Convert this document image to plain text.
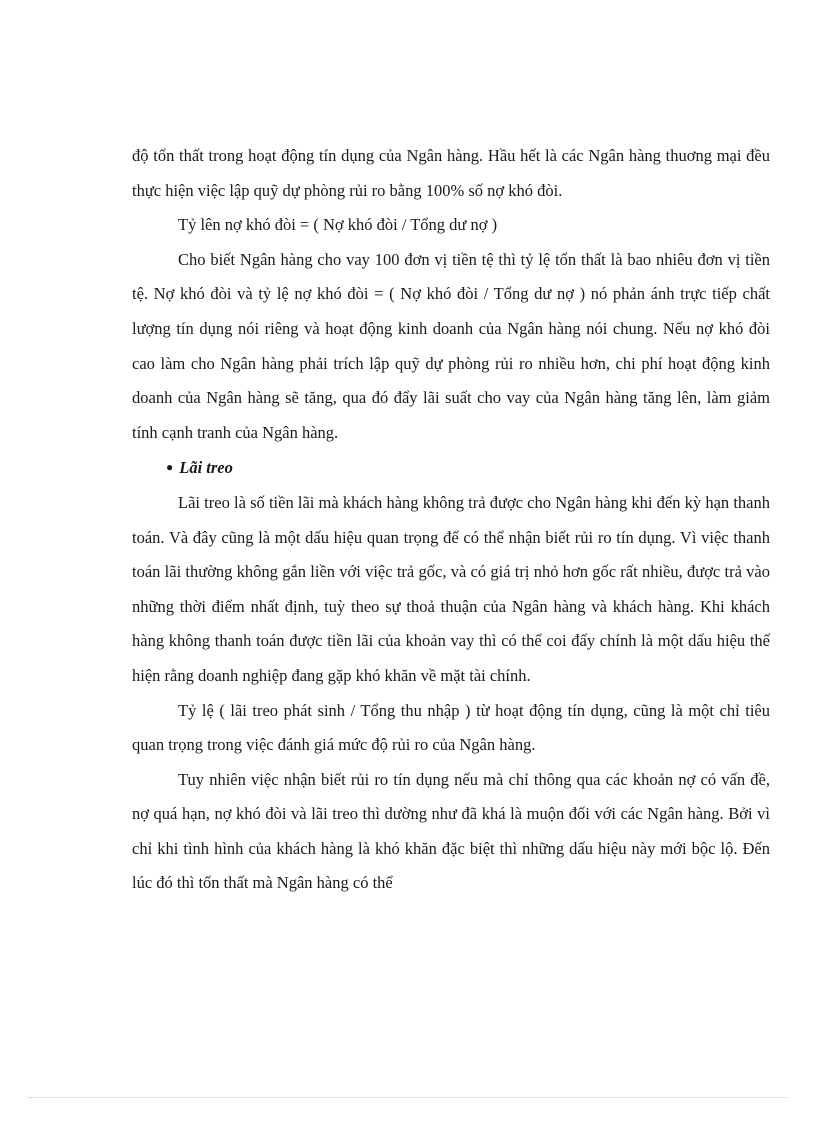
độ tổn thất trong hoạt động tín dụng của Ngân hàng. Hầu hết là các Ngân hàng thuơng mại đều thực hiện việc lập quỹ dự phòng rủi ro bằng 100% số nợ khó đòi.

Tỷ lên nợ khó đòi = ( Nợ khó đòi / Tổng dư nợ )

Cho biết Ngân hàng cho vay 100 đơn vị tiền tệ thì tỷ lệ tổn thất là bao nhiêu đơn vị tiền tệ. Nợ khó đòi và tỷ lệ nợ khó đòi = ( Nợ khó đòi / Tổng dư nợ ) nó phản ánh trực tiếp chất lượng tín dụng nói riêng và hoạt động kinh doanh của Ngân hàng nói chung. Nếu nợ khó đòi cao làm cho Ngân hàng phải trích lập quỹ dự phòng rủi ro nhiều hơn, chi phí hoạt động kinh doanh của Ngân hàng sẽ tăng, qua đó đẩy lãi suất cho vay của Ngân hàng tăng lên, làm giảm tính cạnh tranh của Ngân hàng.

● Lãi treo

Lãi treo là số tiền lãi mà khách hàng không trả được cho Ngân hàng khi đến kỳ hạn thanh toán. Và đây cũng là một dấu hiệu quan trọng để có thể nhận biết rủi ro tín dụng. Vì việc thanh toán lãi thường không gắn liền với việc trả gốc, và có giá trị nhỏ hơn gốc rất nhiều, được trả vào những thời điểm nhất định, tuỳ theo sự thoả thuận của Ngân hàng và khách hàng. Khi khách hàng không thanh toán được tiền lãi của khoản vay thì có thể coi đấy chính là một dấu hiệu thể hiện rằng doanh nghiệp đang gặp khó khăn về mặt tài chính.

Tỷ lệ ( lãi treo phát sinh / Tổng thu nhập ) từ hoạt động tín dụng, cũng là một chỉ tiêu quan trọng trong việc đánh giá mức độ rủi ro của Ngân hàng.

Tuy nhiên việc nhận biết rủi ro tín dụng nếu mà chỉ thông qua các khoản nợ có vấn đề, nợ quá hạn, nợ khó đòi và lãi treo thì dường như đã khá là muộn đối với các Ngân hàng. Bởi vì chỉ khi tình hình của khách hàng là khó khăn đặc biệt thì những dấu hiệu này mới bộc lộ. Đến lúc đó thì tổn thất mà Ngân hàng có thể
